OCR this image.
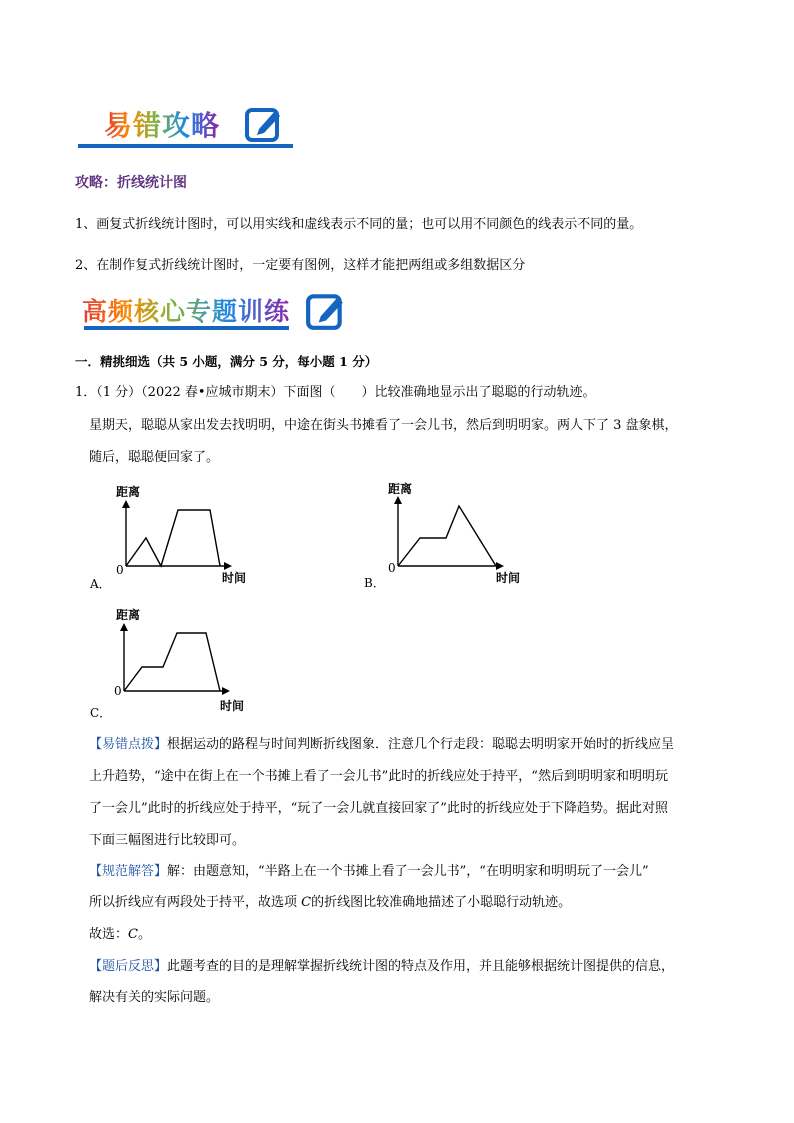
易错攻略
攻略：折线统计图
1、画复式折线统计图时，可以用实线和虚线表示不同的量；也可以用不同颜色的线表示不同的量。
2、在制作复式折线统计图时，一定要有图例，这样才能把两组或多组数据区分
高频核心专题训练
一．精挑细选（共 5 小题，满分 5 分，每小题 1 分）
1．（1 分）（2022 春•应城市期末）下面图（　　）比较准确地显示出了聪聪的行动轨迹。
星期天，聪聪从家出发去找明明，中途在街头书摊看了一会儿书，然后到明明家。两人下了 3 盘象棋，
随后，聪聪便回家了。
距离
0
时间
A．
距离
0
时间
B．
距离
0
时间
C．
【易错点拨】根据运动的路程与时间判断折线图象．注意几个行走段：聪聪去明明家开始时的折线应呈
上升趋势，“途中在街上在一个书摊上看了一会儿书”此时的折线应处于持平，“然后到明明家和明明玩
了一会儿”此时的折线应处于持平，“玩了一会儿就直接回家了”此时的折线应处于下降趋势。据此对照
下面三幅图进行比较即可。
【规范解答】解：由题意知，“半路上在一个书摊上看了一会儿书”，“在明明家和明明玩了一会儿”
所以折线应有两段处于持平，故选项 C的折线图比较准确地描述了小聪聪行动轨迹。
故选：C。
【题后反思】此题考查的目的是理解掌握折线统计图的特点及作用，并且能够根据统计图提供的信息，
解决有关的实际问题。
